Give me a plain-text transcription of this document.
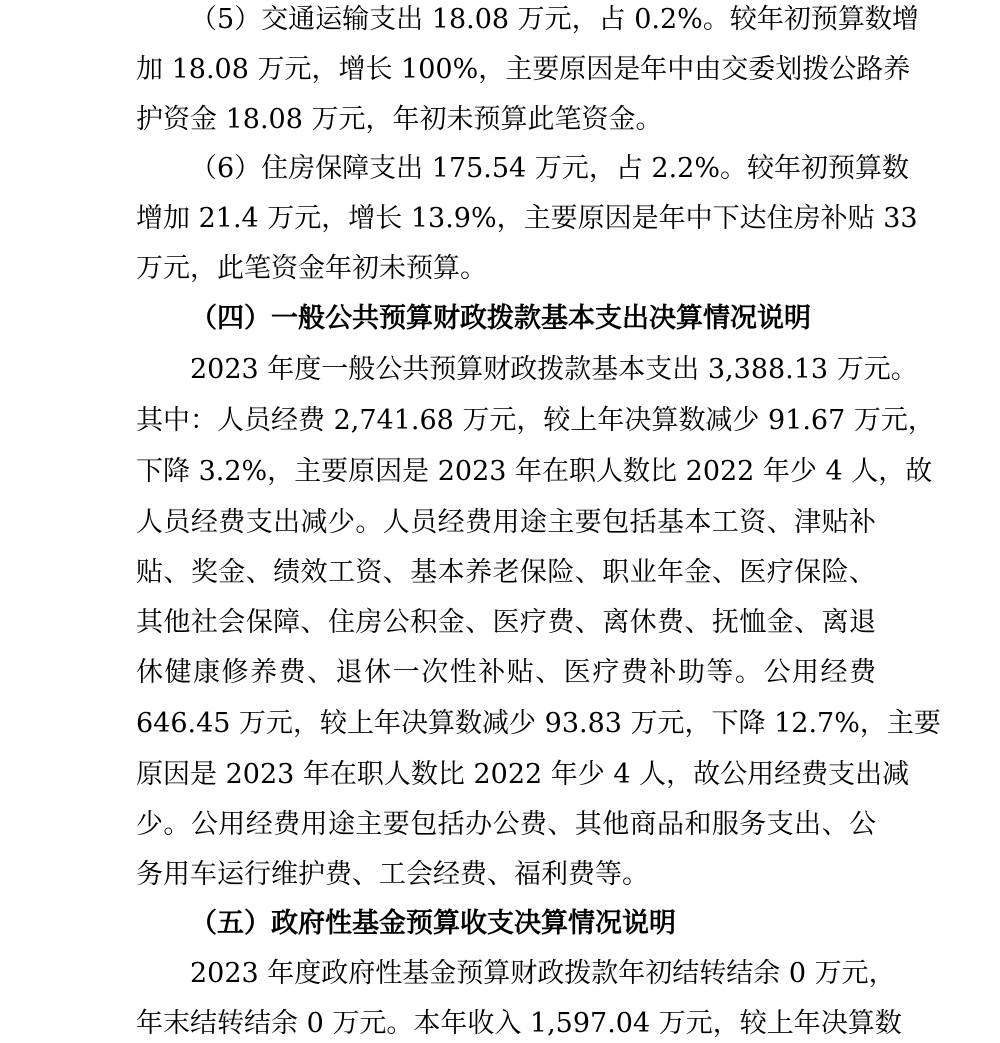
（5）交通运输支出 18.08 万元，占 0.2%。较年初预算数增
加 18.08 万元，增长 100%，主要原因是年中由交委划拨公路养
护资金 18.08 万元，年初未预算此笔资金。
（6）住房保障支出 175.54 万元，占 2.2%。较年初预算数
增加 21.4 万元，增长 13.9%，主要原因是年中下达住房补贴 33
万元，此笔资金年初未预算。
（四）一般公共预算财政拨款基本支出决算情况说明
2023 年度一般公共预算财政拨款基本支出 3,388.13 万元。
其中：人员经费 2,741.68 万元，较上年决算数减少 91.67 万元，
下降 3.2%，主要原因是 2023 年在职人数比 2022 年少 4 人，故
人员经费支出减少。人员经费用途主要包括基本工资、津贴补
贴、奖金、绩效工资、基本养老保险、职业年金、医疗保险、
其他社会保障、住房公积金、医疗费、离休费、抚恤金、离退
休健康修养费、退休一次性补贴、医疗费补助等。公用经费
646.45 万元，较上年决算数减少 93.83 万元，下降 12.7%，主要
原因是 2023 年在职人数比 2022 年少 4 人，故公用经费支出减
少。公用经费用途主要包括办公费、其他商品和服务支出、公
务用车运行维护费、工会经费、福利费等。
（五）政府性基金预算收支决算情况说明
2023 年度政府性基金预算财政拨款年初结转结余 0 万元，
年末结转结余 0 万元。本年收入 1,597.04 万元，较上年决算数
